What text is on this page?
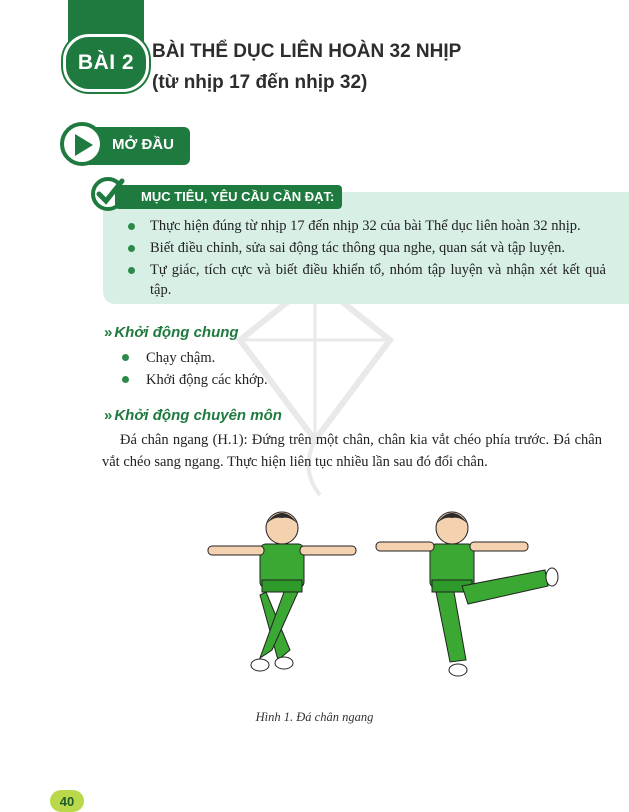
BÀI 2 BÀI THỂ DỤC LIÊN HOÀN 32 NHỊP
(từ nhịp 17 đến nhịp 32)
MỞ ĐẦU
MỤC TIÊU, YÊU CẦU CẦN ĐẠT:
Thực hiện đúng từ nhịp 17 đến nhịp 32 của bài Thể dục liên hoàn 32 nhịp.
Biết điều chỉnh, sửa sai động tác thông qua nghe, quan sát và tập luyện.
Tự giác, tích cực và biết điều khiển tổ, nhóm tập luyện và nhận xét kết quả tập.
» Khởi động chung
Chạy chậm.
Khởi động các khớp.
» Khởi động chuyên môn
Đá chân ngang (H.1): Đứng trên một chân, chân kia vắt chéo phía trước. Đá chân vắt chéo sang ngang. Thực hiện liên tục nhiều lần sau đó đổi chân.
Hình 1. Đá chân ngang
40
